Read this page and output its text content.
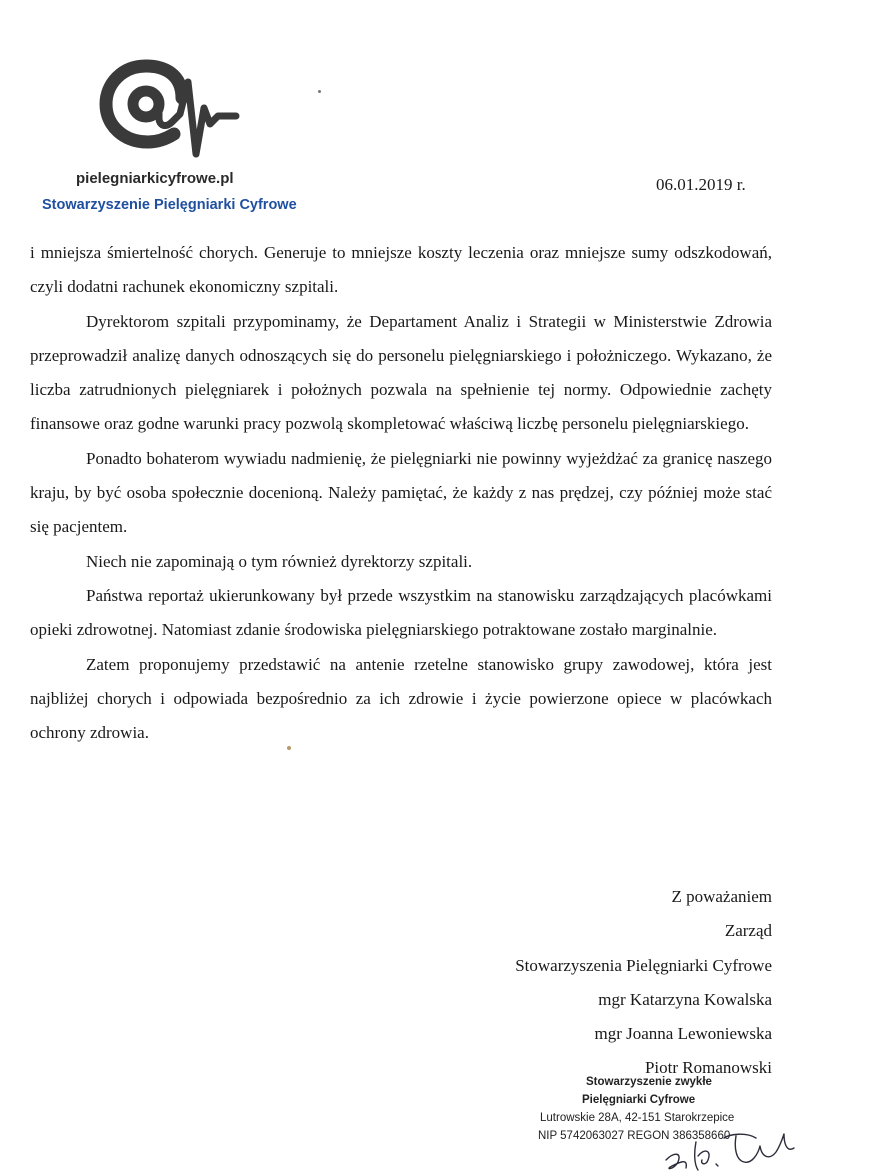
pielegniarkicyfrowe.pl
Stowarzyszenie Pielęgniarki Cyfrowe
06.01.2019 r.

i mniejsza śmiertelność chorych. Generuje to mniejsze koszty leczenia oraz mniejsze sumy odszkodowań, czyli dodatni rachunek ekonomiczny szpitali.

Dyrektorom szpitali przypominamy, że Departament Analiz i Strategii w Ministerstwie Zdrowia przeprowadził analizę danych odnoszących się do personelu pielęgniarskiego i położniczego. Wykazano, że liczba zatrudnionych pielęgniarek i położnych pozwala na spełnienie tej normy. Odpowiednie zachęty finansowe oraz godne warunki pracy pozwolą skompletować właściwą liczbę personelu pielęgniarskiego.

Ponadto bohaterom wywiadu nadmienię, że pielęgniarki nie powinny wyjeżdżać za granicę naszego kraju, by być osoba społecznie docenioną. Należy pamiętać, że każdy z nas prędzej, czy później może stać się pacjentem.

Niech nie zapominają o tym również dyrektorzy szpitali.

Państwa reportaż ukierunkowany był przede wszystkim na stanowisku zarządzających placówkami opieki zdrowotnej. Natomiast zdanie środowiska pielęgniarskiego potraktowane zostało marginalnie.

Zatem proponujemy przedstawić na antenie rzetelne stanowisko grupy zawodowej, która jest najbliżej chorych i odpowiada bezpośrednio za ich zdrowie i życie powierzone opiece w placówkach ochrony zdrowia.

Z poważaniem
Zarząd
Stowarzyszenia Pielęgniarki Cyfrowe
mgr Katarzyna Kowalska
mgr Joanna Lewoniewska
Piotr Romanowski
Stowarzyszenie zwykłe
Pielęgniarki Cyfrowe
Lutrowskie 28A, 42-151 Starokrzepice
NIP 5742063027 REGON 386358660
